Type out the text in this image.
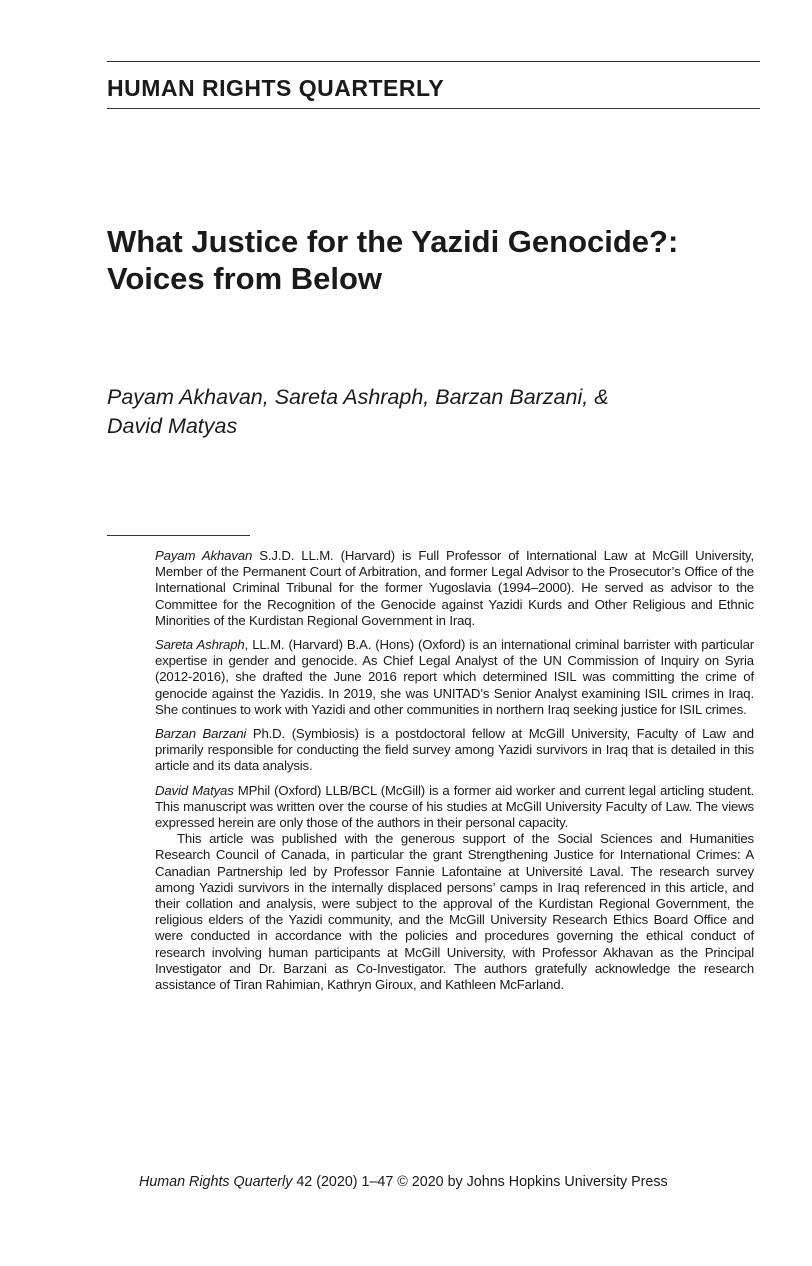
HUMAN RIGHTS QUARTERLY
What Justice for the Yazidi Genocide?:
Voices from Below
Payam Akhavan, Sareta Ashraph, Barzan Barzani, &
David Matyas

Payam Akhavan S.J.D. LL.M. (Harvard) is Full Professor of International Law at McGill University, Member of the Permanent Court of Arbitration, and former Legal Advisor to the Prosecutor’s Office of the International Criminal Tribunal for the former Yugoslavia (1994–2000). He served as advisor to the Committee for the Recognition of the Genocide against Yazidi Kurds and Other Religious and Ethnic Minorities of the Kurdistan Regional Government in Iraq.

Sareta Ashraph, LL.M. (Harvard) B.A. (Hons) (Oxford) is an international criminal barrister with particular expertise in gender and genocide. As Chief Legal Analyst of the UN Commission of Inquiry on Syria (2012-2016), she drafted the June 2016 report which determined ISIL was committing the crime of genocide against the Yazidis. In 2019, she was UNITAD’s Senior Analyst examining ISIL crimes in Iraq. She continues to work with Yazidi and other communities in northern Iraq seeking justice for ISIL crimes.

Barzan Barzani Ph.D. (Symbiosis) is a postdoctoral fellow at McGill University, Faculty of Law and primarily responsible for conducting the field survey among Yazidi survivors in Iraq that is detailed in this article and its data analysis.

David Matyas MPhil (Oxford) LLB/BCL (McGill) is a former aid worker and current legal articling student. This manuscript was written over the course of his studies at McGill University Faculty of Law. The views expressed herein are only those of the authors in their personal capacity.

This article was published with the generous support of the Social Sciences and Humanities Research Council of Canada, in particular the grant Strengthening Justice for International Crimes: A Canadian Partnership led by Professor Fannie Lafontaine at Université Laval. The research survey among Yazidi survivors in the internally displaced persons’ camps in Iraq referenced in this article, and their collation and analysis, were subject to the approval of the Kurdistan Regional Government, the religious elders of the Yazidi community, and the McGill University Research Ethics Board Office and were conducted in accordance with the policies and procedures governing the ethical conduct of research involving human participants at McGill University, with Professor Akhavan as the Principal Investigator and Dr. Barzani as Co-Investigator. The authors gratefully acknowledge the research assistance of Tiran Rahimian, Kathryn Giroux, and Kathleen McFarland.

Human Rights Quarterly 42 (2020) 1–47 © 2020 by Johns Hopkins University Press
